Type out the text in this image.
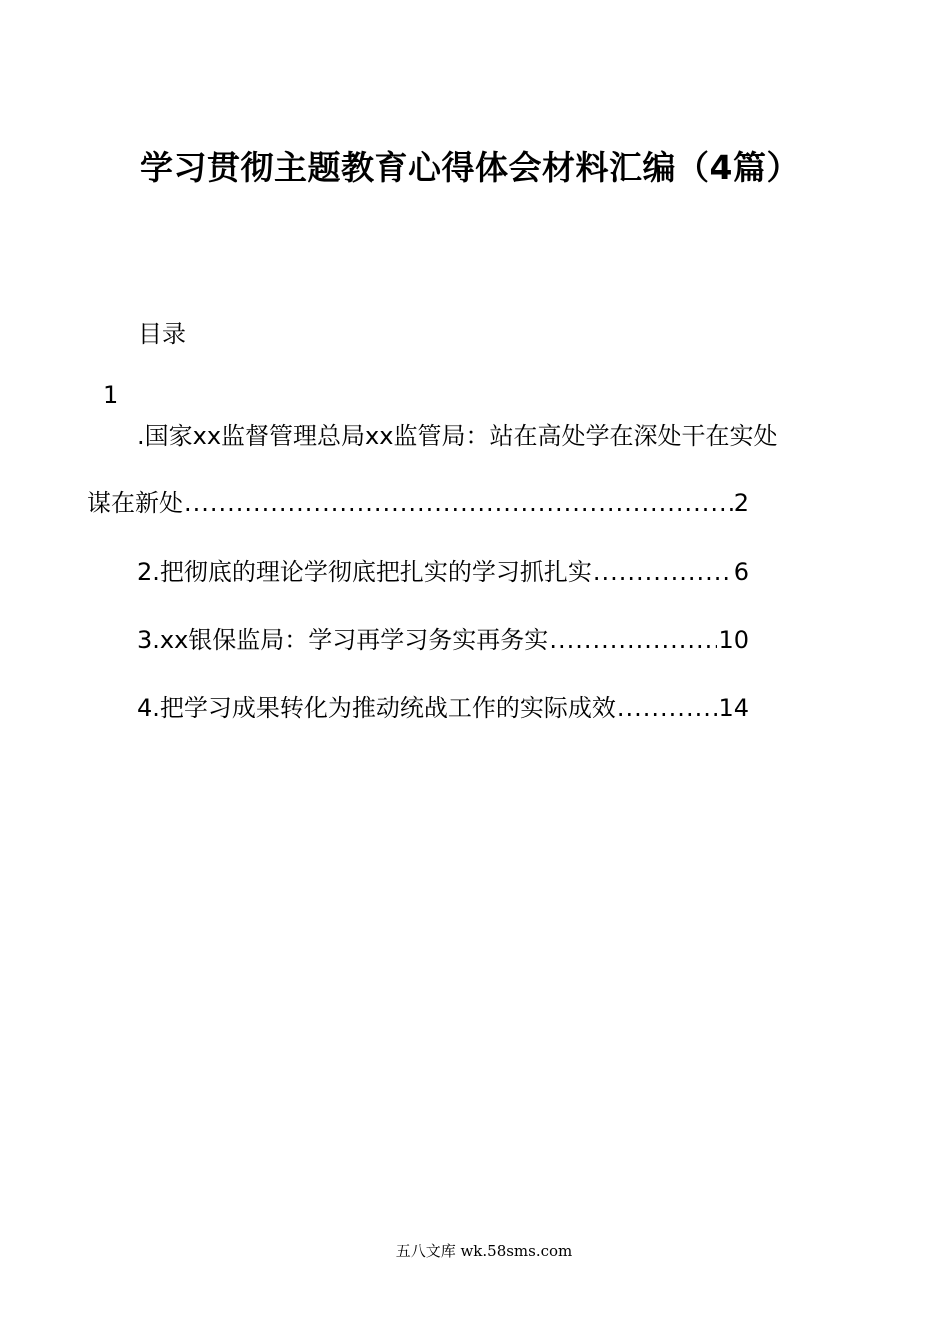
学习贯彻主题教育心得体会材料汇编（4篇）
目录
1
.国家xx监督管理总局xx监管局：站在高处学在深处干在实处
谋在新处 .....	2
2.把彻底的理论学彻底把扎实的学习抓扎实 .....	6
3.xx银保监局：学习再学习务实再务实 .....	10
4.把学习成果转化为推动统战工作的实际成效 .....	14
五八文库 wk.58sms.com
